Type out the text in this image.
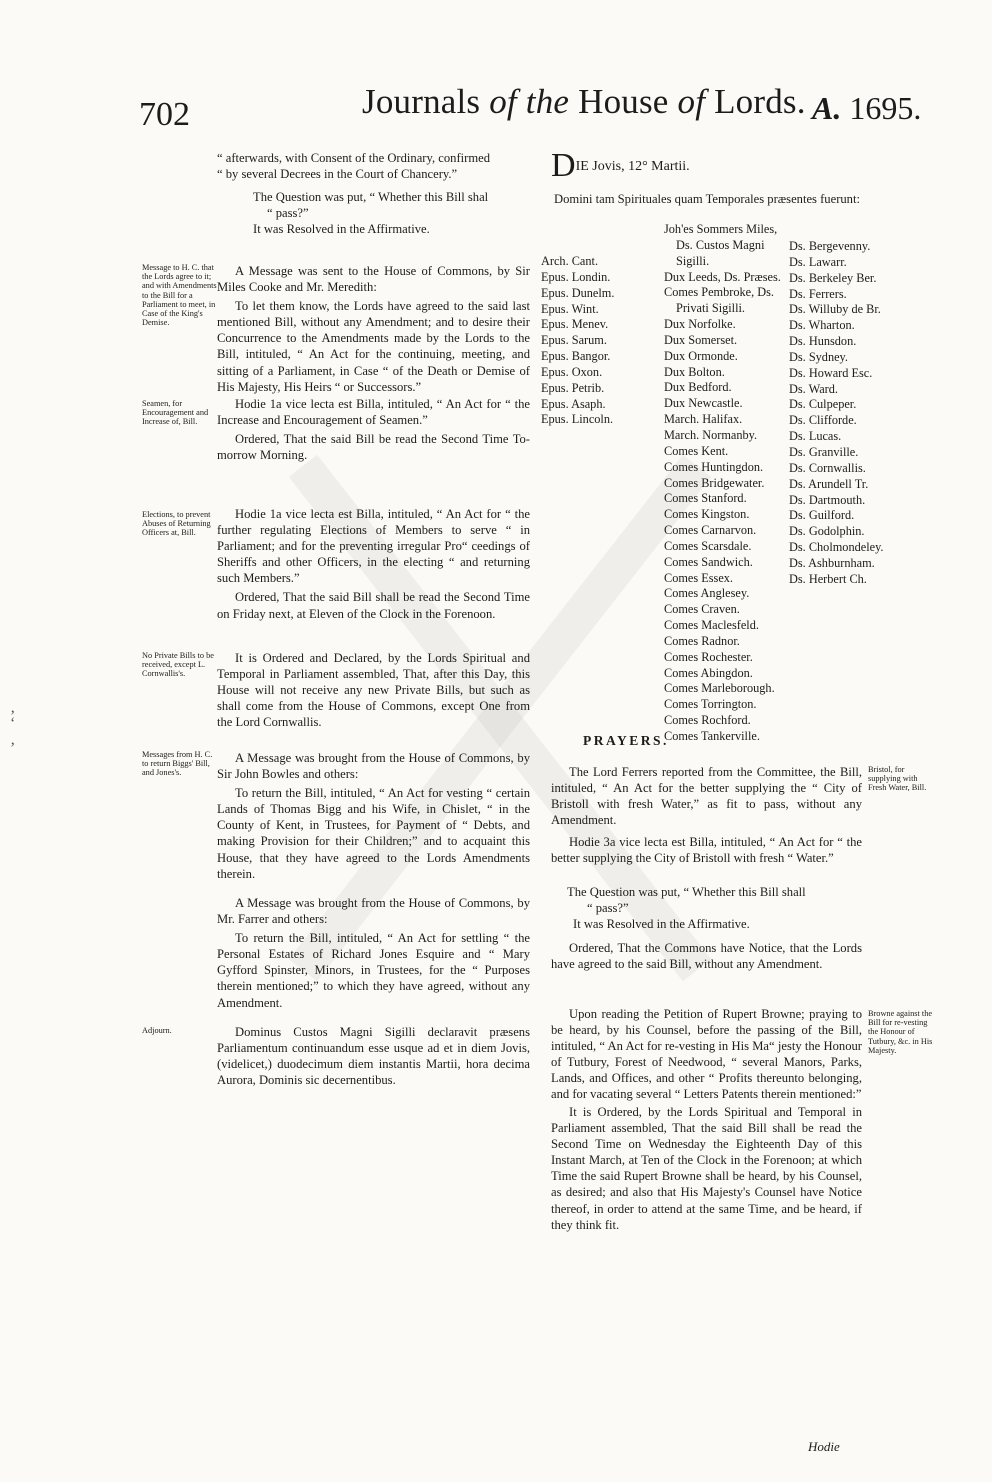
‚
‘
‚
702	Journals of the House of Lords. A. 1695.

“ afterwards, with Consent of the Ordinary, confirmed

“ by several Decrees in the Court of Chancery.”

The Question was put, “ Whether this Bill shal

“ pass?”

It was Resolved in the Affirmative.

Message to H. C. that the Lords agree to it; and with Amendments to the Bill for a Parliament to meet, in Case of the King's Demise.

A Message was sent to the House of Commons, by Sir Miles Cooke and Mr. Meredith:

To let them know, the Lords have agreed to the said last mentioned Bill, without any Amendment; and to desire their Concurrence to the Amendments made by the Lords to the Bill, intituled, “ An Act for the continuing, meeting, and sitting of a Parliament, in Case “ of the Death or Demise of His Majesty, His Heirs “ or Successors.”

Seamen, for Encouragement and Increase of, Bill.

Hodie 1a vice lecta est Billa, intituled, “ An Act for “ the Increase and Encouragement of Seamen.”

Ordered, That the said Bill be read the Second Time To-morrow Morning.

Elections, to prevent Abuses of Returning Officers at, Bill.

Hodie 1a vice lecta est Billa, intituled, “ An Act for “ the further regulating Elections of Members to serve “ in Parliament; and for the preventing irregular Pro“ ceedings of Sheriffs and other Officers, in the electing “ and returning such Members.”

Ordered, That the said Bill shall be read the Second Time on Friday next, at Eleven of the Clock in the Forenoon.

No Private Bills to be received, except L. Cornwallis's.

It is Ordered and Declared, by the Lords Spiritual and Temporal in Parliament assembled, That, after this Day, this House will not receive any new Private Bills, but such as shall come from the House of Commons, except One from the Lord Cornwallis.

Messages from H. C. to return Biggs' Bill, and Jones's.

A Message was brought from the House of Commons, by Sir John Bowles and others:

To return the Bill, intituled, “ An Act for vesting “ certain Lands of Thomas Bigg and his Wife, in Chislet, “ in the County of Kent, in Trustees, for Payment of “ Debts, and making Provision for their Children;” and to acquaint this House, that they have agreed to the Lords Amendments therein.

A Message was brought from the House of Commons, by Mr. Farrer and others:

To return the Bill, intituled, “ An Act for settling “ the Personal Estates of Richard Jones Esquire and “ Mary Gyfford Spinster, Minors, in Trustees, for the “ Purposes therein mentioned;” to which they have agreed, without any Amendment.

Adjourn.	Dominus Custos Magni Sigilli declaravit præsens Parliamentum continuandum esse usque ad et in diem Jovis, (videlicet,) duodecimum diem instantis Martii, hora decima Aurora, Dominis sic decernentibus.

DIE Jovis, 12° Martii.
Domini tam Spirituales quam Temporales præsentes fuerunt:
Arch. Cant.
Epus. Londin.
Epus. Dunelm.
Epus. Wint.
Epus. Menev.
Epus. Sarum.
Epus. Bangor.
Epus. Oxon.
Epus. Petrib.
Epus. Asaph.
Epus. Lincoln.
Joh'es Sommers Miles,
Ds. Custos Magni
Sigilli.
Dux Leeds, Ds. Præses.
Comes Pembroke, Ds.
Privati Sigilli.
Dux Norfolke.
Dux Somerset.
Dux Ormonde.
Dux Bolton.
Dux Bedford.
Dux Newcastle.
March. Halifax.
March. Normanby.
Comes Kent.
Comes Huntingdon.
Comes Bridgewater.
Comes Stanford.
Comes Kingston.
Comes Carnarvon.
Comes Scarsdale.
Comes Sandwich.
Comes Essex.
Comes Anglesey.
Comes Craven.
Comes Maclesfeld.
Comes Radnor.
Comes Rochester.
Comes Abingdon.
Comes Marleborough.
Comes Torrington.
Comes Rochford.
Comes Tankerville.
Ds. Bergevenny.
Ds. Lawarr.
Ds. Berkeley Ber.
Ds. Ferrers.
Ds. Willuby de Br.
Ds. Wharton.
Ds. Hunsdon.
Ds. Sydney.
Ds. Howard Esc.
Ds. Ward.
Ds. Culpeper.
Ds. Clifforde.
Ds. Lucas.
Ds. Granville.
Ds. Cornwallis.
Ds. Arundell Tr.
Ds. Dartmouth.
Ds. Guilford.
Ds. Godolphin.
Ds. Cholmondeley.
Ds. Ashburnham.
Ds. Herbert Ch.
PRAYERS.
Bristol, for supplying with Fresh Water, Bill.

The Lord Ferrers reported from the Committee, the Bill, intituled, “ An Act for the better supplying the “ City of Bristoll with fresh Water,” as fit to pass, without any Amendment.

Hodie 3a vice lecta est Billa, intituled, “ An Act for “ the better supplying the City of Bristoll with fresh “ Water.”

The Question was put, “ Whether this Bill shall

“ pass?”

It was Resolved in the Affirmative.

Ordered, That the Commons have Notice, that the Lords have agreed to the said Bill, without any Amendment.

Browne against the Bill for re-vesting the Honour of Tutbury, &c. in His Majesty.

Upon reading the Petition of Rupert Browne; praying to be heard, by his Counsel, before the passing of the Bill, intituled, “ An Act for re-vesting in His Ma“ jesty the Honour of Tutbury, Forest of Needwood, “ several Manors, Parks, Lands, and Offices, and other “ Profits thereunto belonging, and for vacating several “ Letters Patents therein mentioned:”

It is Ordered, by the Lords Spiritual and Temporal in Parliament assembled, That the said Bill shall be read the Second Time on Wednesday the Eighteenth Day of this Instant March, at Ten of the Clock in the Forenoon; at which Time the said Rupert Browne shall be heard, by his Counsel, as desired; and also that His Majesty's Counsel have Notice thereof, in order to attend at the same Time, and be heard, if they think fit.

Hodie
